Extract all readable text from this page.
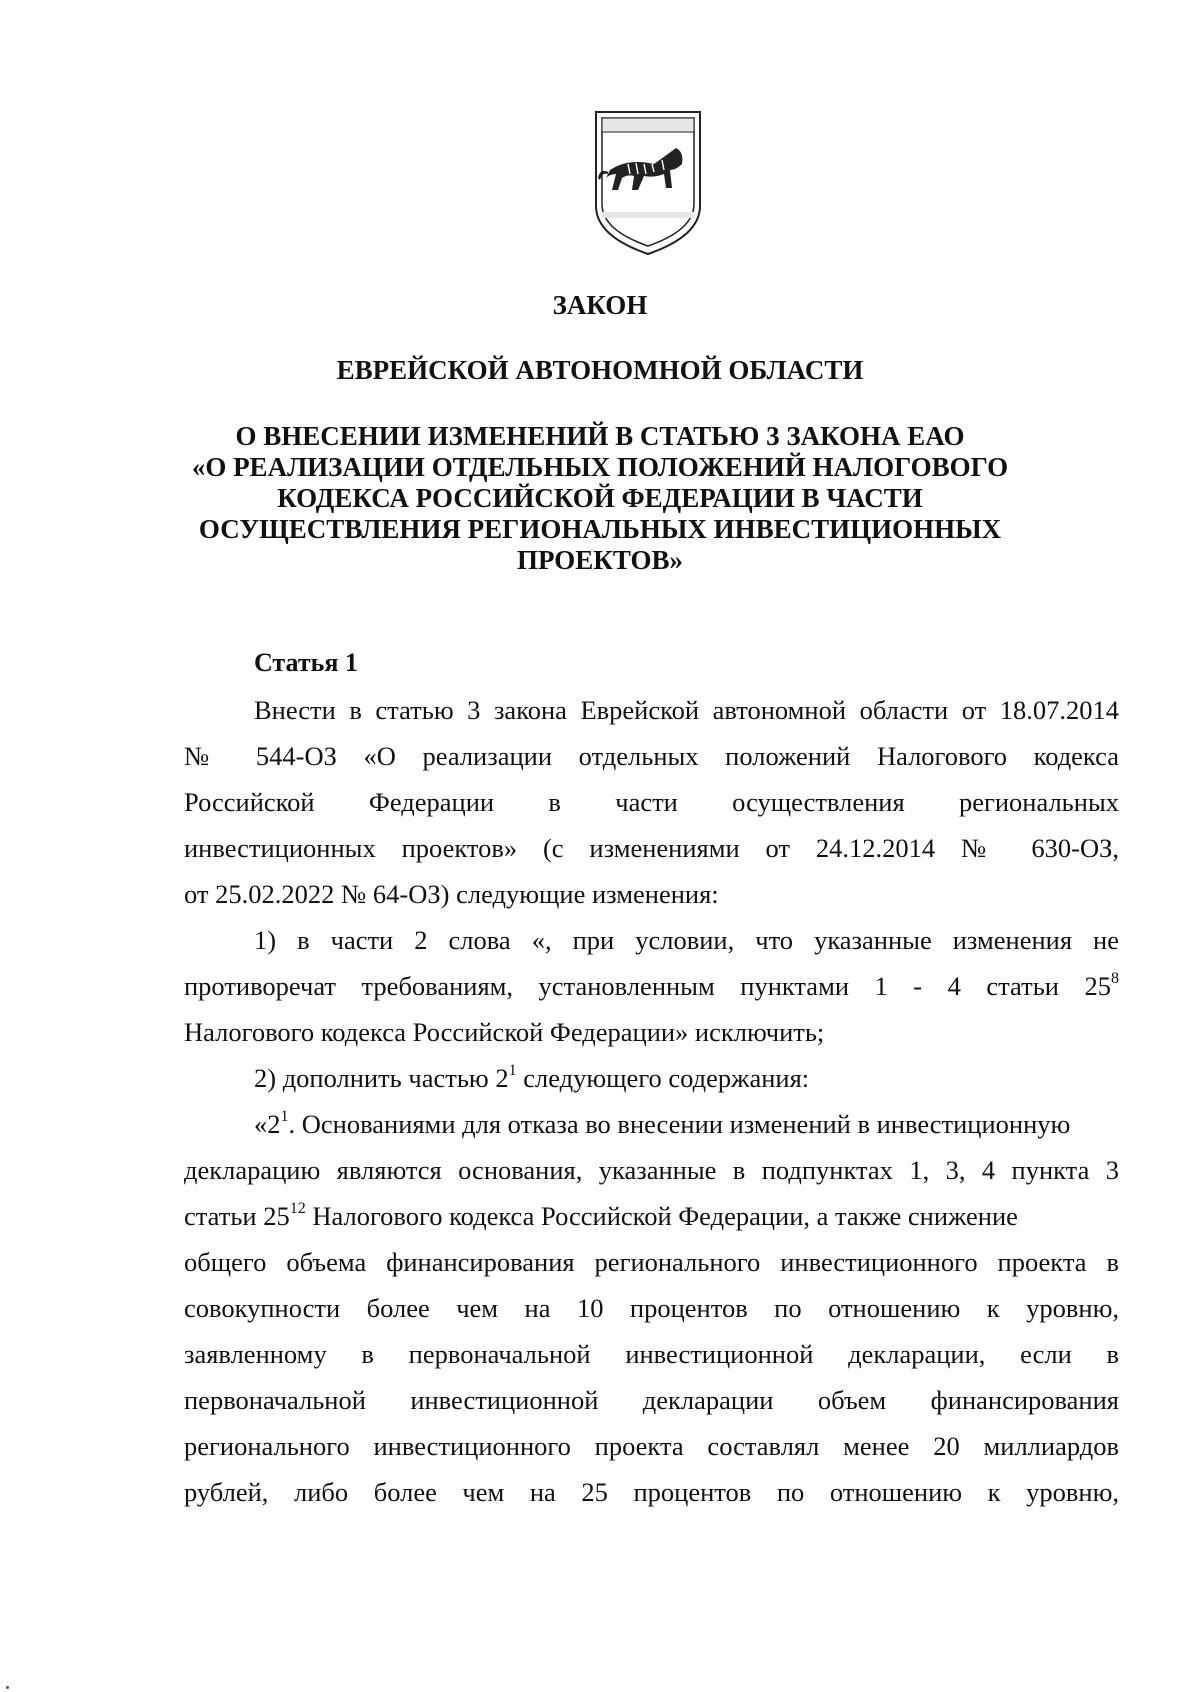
ЗАКОН
ЕВРЕЙСКОЙ АВТОНОМНОЙ ОБЛАСТИ
О ВНЕСЕНИИ ИЗМЕНЕНИЙ В СТАТЬЮ 3 ЗАКОНА ЕАО
«О РЕАЛИЗАЦИИ ОТДЕЛЬНЫХ ПОЛОЖЕНИЙ НАЛОГОВОГО
КОДЕКСА РОССИЙСКОЙ ФЕДЕРАЦИИ В ЧАСТИ
ОСУЩЕСТВЛЕНИЯ РЕГИОНАЛЬНЫХ ИНВЕСТИЦИОННЫХ
ПРОЕКТОВ»
Статья 1
Внести в статью 3 закона Еврейской автономной области от 18.07.2014
№ 544-ОЗ «О реализации отдельных положений Налогового кодекса
Российской Федерации в части осуществления региональных
инвестиционных проектов» (с изменениями от 24.12.2014 № 630-ОЗ,
от 25.02.2022 № 64-ОЗ) следующие изменения:
1) в части 2 слова «, при условии, что указанные изменения не
противоречат требованиям, установленным пунктами 1 - 4 статьи $25^8$
Налогового кодекса Российской Федерации» исключить;
2) дополнить частью $2^1$ следующего содержания:
«$2^1$. Основаниями для отказа во внесении изменений в инвестиционную
декларацию являются основания, указанные в подпунктах 1, 3, 4 пункта 3
статьи $25^{12}$ Налогового кодекса Российской Федерации, а также снижение
общего объема финансирования регионального инвестиционного проекта в
совокупности более чем на 10 процентов по отношению к уровню,
заявленному в первоначальной инвестиционной декларации, если в
первоначальной инвестиционной декларации объем финансирования
регионального инвестиционного проекта составлял менее 20 миллиардов
рублей, либо более чем на 25 процентов по отношению к уровню,
